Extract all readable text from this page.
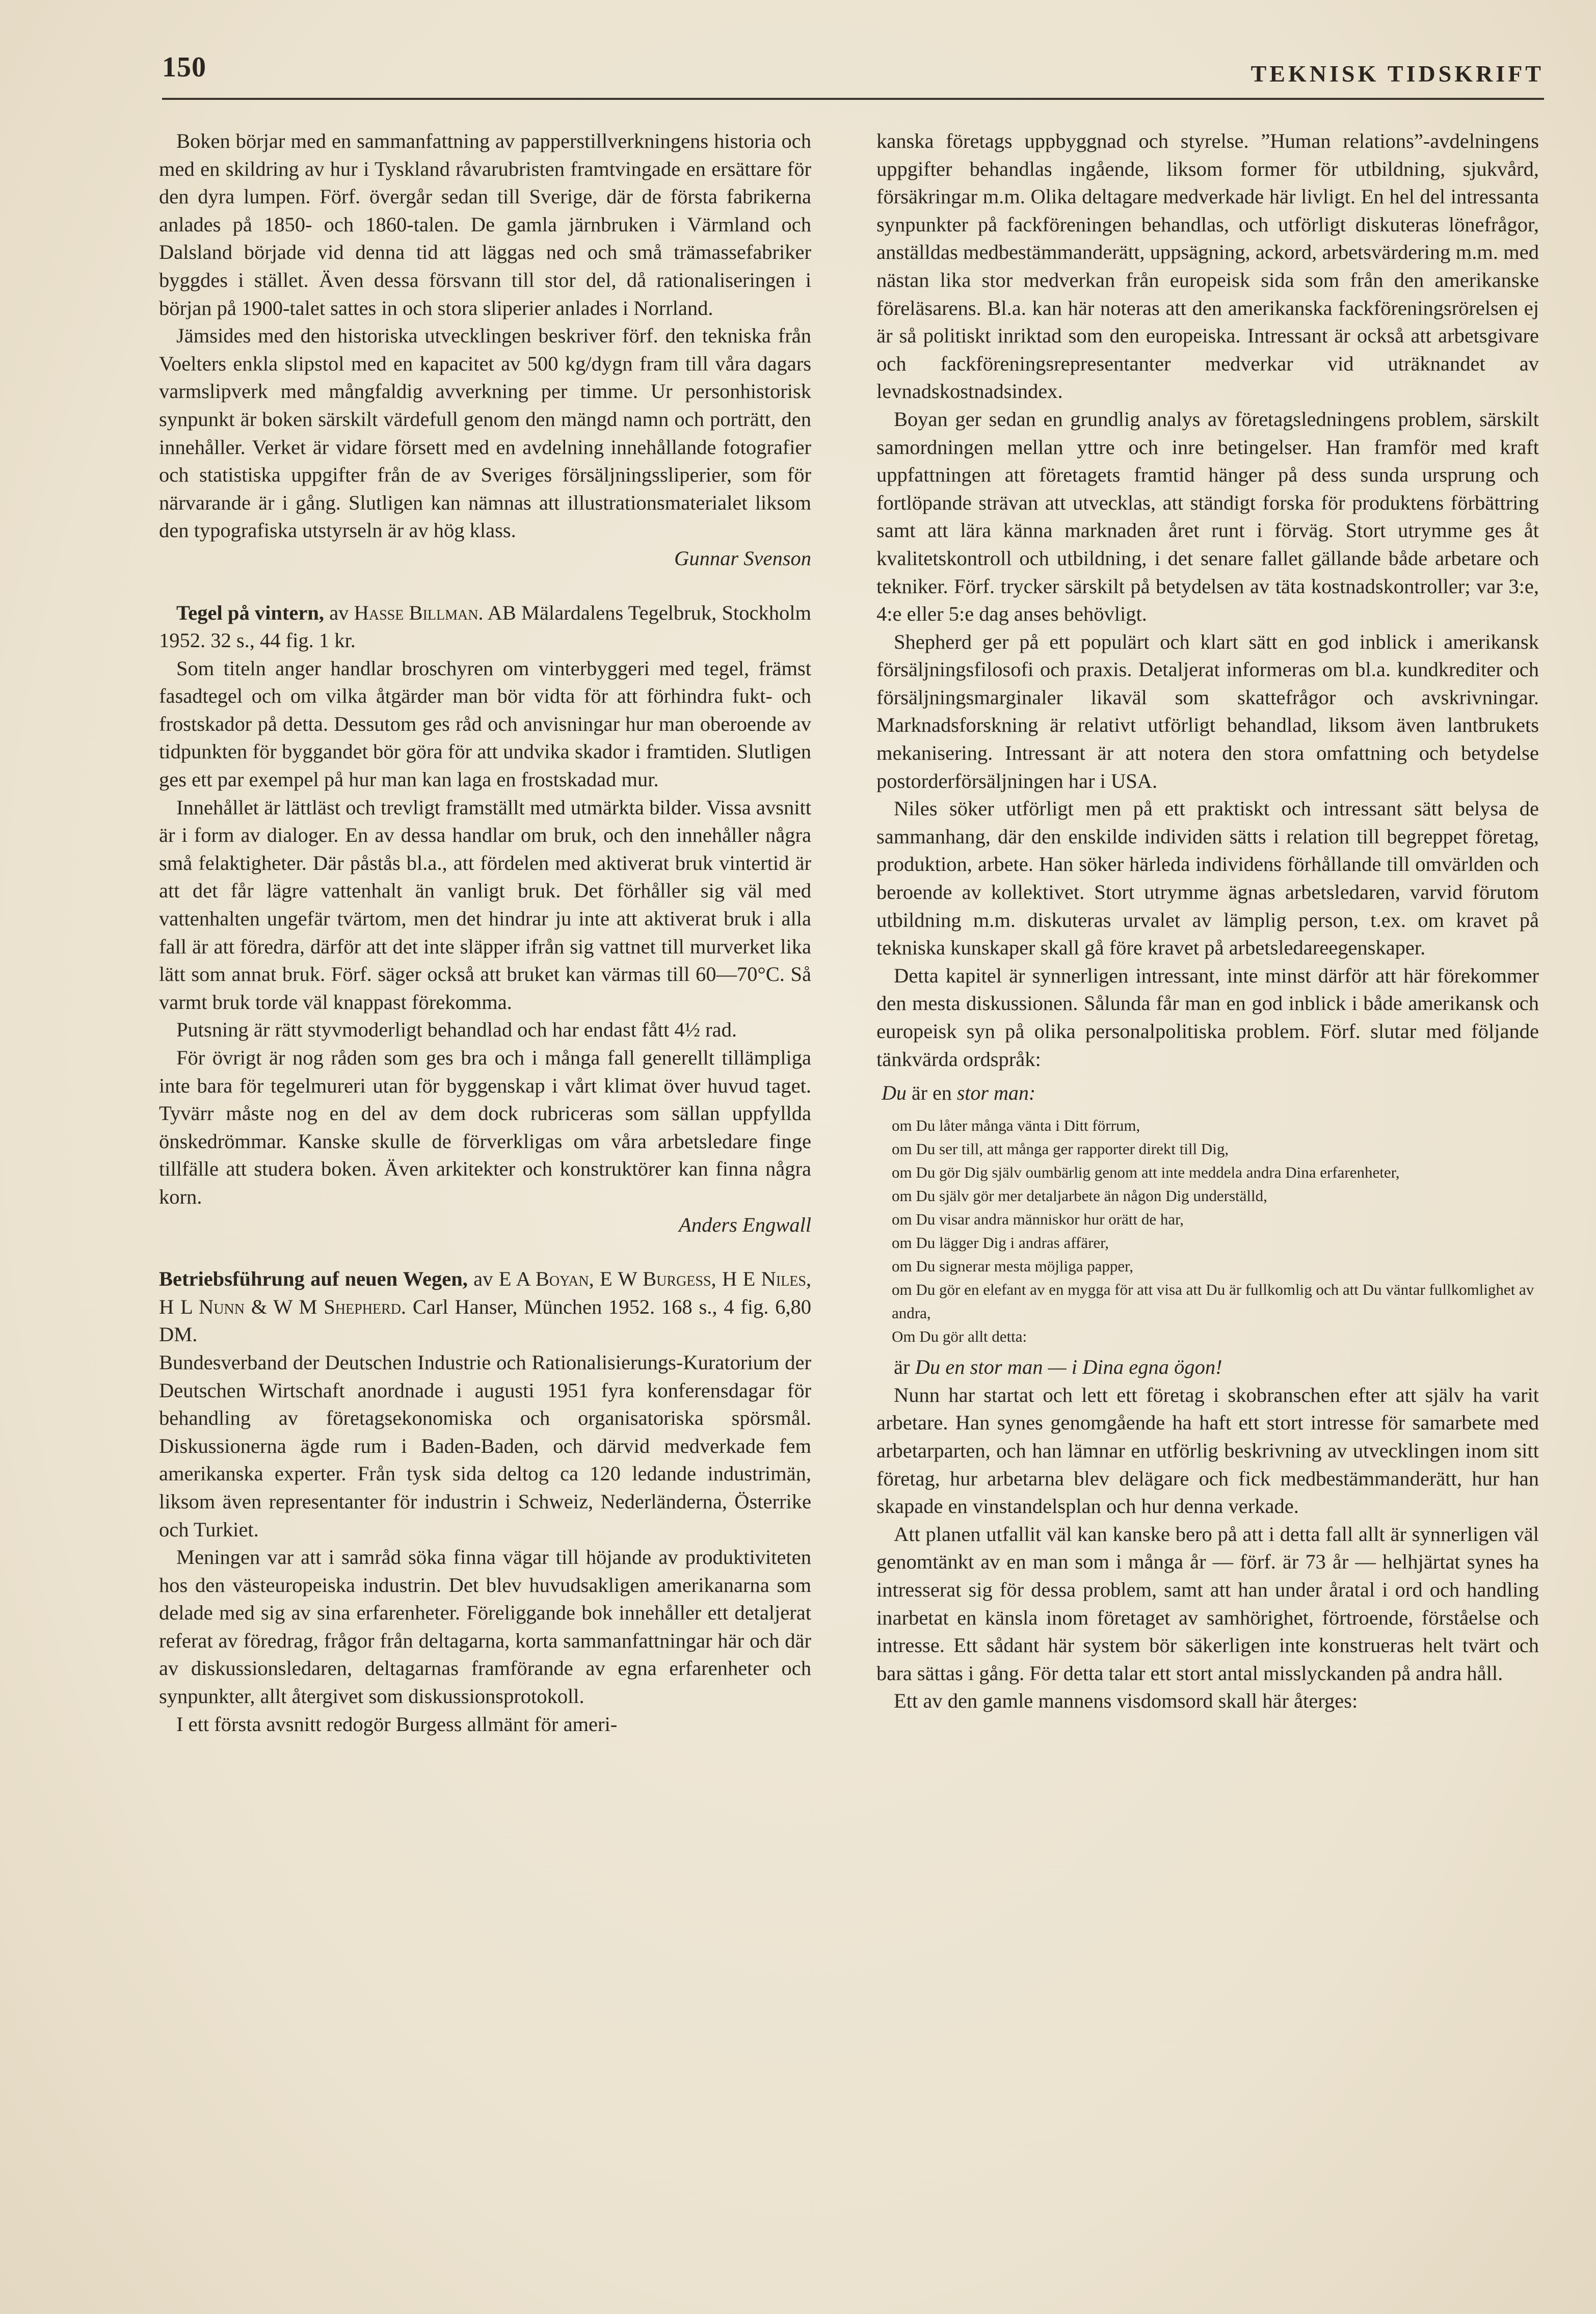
150	TEKNISK TIDSKRIFT

Boken börjar med en sammanfattning av papperstillverkningens historia och med en skildring av hur i Tyskland råvarubristen framtvingade en ersättare för den dyra lumpen. Förf. övergår sedan till Sverige, där de första fabrikerna anlades på 1850- och 1860-talen. De gamla järnbruken i Värmland och Dalsland började vid denna tid att läggas ned och små trämassefabriker byggdes i stället. Även dessa försvann till stor del, då rationaliseringen i början på 1900-talet sattes in och stora sliperier anlades i Norrland.

Jämsides med den historiska utvecklingen beskriver förf. den tekniska från Voelters enkla slipstol med en kapacitet av 500 kg/dygn fram till våra dagars varmslipverk med mångfaldig avverkning per timme. Ur personhistorisk synpunkt är boken särskilt värdefull genom den mängd namn och porträtt, den innehåller. Verket är vidare försett med en avdelning innehållande fotografier och statistiska uppgifter från de av Sveriges försäljningssliperier, som för närvarande är i gång. Slutligen kan nämnas att illustrationsmaterialet liksom den typografiska utstyrseln är av hög klass.

Gunnar Svenson

Tegel på vintern, av Hasse Billman. AB Mälardalens Tegelbruk, Stockholm 1952. 32 s., 44 fig. 1 kr.

Som titeln anger handlar broschyren om vinterbyggeri med tegel, främst fasadtegel och om vilka åtgärder man bör vidta för att förhindra fukt- och frostskador på detta. Dessutom ges råd och anvisningar hur man oberoende av tidpunkten för byggandet bör göra för att undvika skador i framtiden. Slutligen ges ett par exempel på hur man kan laga en frostskadad mur.

Innehållet är lättläst och trevligt framställt med utmärkta bilder. Vissa avsnitt är i form av dialoger. En av dessa handlar om bruk, och den innehåller några små felaktigheter. Där påstås bl.a., att fördelen med aktiverat bruk vintertid är att det får lägre vattenhalt än vanligt bruk. Det förhåller sig väl med vattenhalten ungefär tvärtom, men det hindrar ju inte att aktiverat bruk i alla fall är att föredra, därför att det inte släpper ifrån sig vattnet till murverket lika lätt som annat bruk. Förf. säger också att bruket kan värmas till 60—70°C. Så varmt bruk torde väl knappast förekomma.

Putsning är rätt styvmoderligt behandlad och har endast fått 4½ rad.

För övrigt är nog råden som ges bra och i många fall generellt tillämpliga inte bara för tegelmureri utan för byggenskap i vårt klimat över huvud taget. Tyvärr måste nog en del av dem dock rubriceras som sällan uppfyllda önskedrömmar. Kanske skulle de förverkligas om våra arbetsledare finge tillfälle att studera boken. Även arkitekter och konstruktörer kan finna några korn.

Anders Engwall

Betriebsführung auf neuen Wegen, av E A Boyan, E W Burgess, H E Niles, H L Nunn & W M Shepherd. Carl Hanser, München 1952. 168 s., 4 fig. 6,80 DM.

Bundesverband der Deutschen Industrie och Rationalisierungs-Kuratorium der Deutschen Wirtschaft anordnade i augusti 1951 fyra konferensdagar för behandling av företagsekonomiska och organisatoriska spörsmål. Diskussionerna ägde rum i Baden-Baden, och därvid medverkade fem amerikanska experter. Från tysk sida deltog ca 120 ledande industrimän, liksom även representanter för industrin i Schweiz, Nederländerna, Österrike och Turkiet.

Meningen var att i samråd söka finna vägar till höjande av produktiviteten hos den västeuropeiska industrin. Det blev huvudsakligen amerikanarna som delade med sig av sina erfarenheter. Föreliggande bok innehåller ett detaljerat referat av föredrag, frågor från deltagarna, korta sammanfattningar här och där av diskussionsledaren, deltagarnas framförande av egna erfarenheter och synpunkter, allt återgivet som diskussionsprotokoll.

I ett första avsnitt redogör Burgess allmänt för ameri-

kanska företags uppbyggnad och styrelse. ”Human relations”-avdelningens uppgifter behandlas ingående, liksom former för utbildning, sjukvård, försäkringar m.m. Olika deltagare medverkade här livligt. En hel del intressanta synpunkter på fackföreningen behandlas, och utförligt diskuteras lönefrågor, anställdas medbestämmanderätt, uppsägning, ackord, arbetsvärdering m.m. med nästan lika stor medverkan från europeisk sida som från den amerikanske föreläsarens. Bl.a. kan här noteras att den amerikanska fackföreningsrörelsen ej är så politiskt inriktad som den europeiska. Intressant är också att arbetsgivare och fackföreningsrepresentanter medverkar vid uträknandet av levnadskostnadsindex.

Boyan ger sedan en grundlig analys av företagsledningens problem, särskilt samordningen mellan yttre och inre betingelser. Han framför med kraft uppfattningen att företagets framtid hänger på dess sunda ursprung och fortlöpande strävan att utvecklas, att ständigt forska för produktens förbättring samt att lära känna marknaden året runt i förväg. Stort utrymme ges åt kvalitetskontroll och utbildning, i det senare fallet gällande både arbetare och tekniker. Förf. trycker särskilt på betydelsen av täta kostnadskontroller; var 3:e, 4:e eller 5:e dag anses behövligt.

Shepherd ger på ett populärt och klart sätt en god inblick i amerikansk försäljningsfilosofi och praxis. Detaljerat informeras om bl.a. kundkrediter och försäljningsmarginaler likaväl som skattefrågor och avskrivningar. Marknadsforskning är relativt utförligt behandlad, liksom även lantbrukets mekanisering. Intressant är att notera den stora omfattning och betydelse postorderförsäljningen har i USA.

Niles söker utförligt men på ett praktiskt och intressant sätt belysa de sammanhang, där den enskilde individen sätts i relation till begreppet företag, produktion, arbete. Han söker härleda individens förhållande till omvärlden och beroende av kollektivet. Stort utrymme ägnas arbetsledaren, varvid förutom utbildning m.m. diskuteras urvalet av lämplig person, t.ex. om kravet på tekniska kunskaper skall gå före kravet på arbetsledareegenskaper.

Detta kapitel är synnerligen intressant, inte minst därför att här förekommer den mesta diskussionen. Sålunda får man en god inblick i både amerikansk och europeisk syn på olika personalpolitiska problem. Förf. slutar med följande tänkvärda ordspråk:

Du är en stor man:
om Du låter många vänta i Ditt förrum,
om Du ser till, att många ger rapporter direkt till Dig,
om Du gör Dig själv oumbärlig genom att inte meddela andra Dina erfarenheter,
om Du själv gör mer detaljarbete än någon Dig underställd,
om Du visar andra människor hur orätt de har,
om Du lägger Dig i andras affärer,
om Du signerar mesta möjliga papper,
om Du gör en elefant av en mygga för att visa att Du är fullkomlig och att Du väntar fullkomlighet av andra,
Om Du gör allt detta:

är Du en stor man — i Dina egna ögon!

Nunn har startat och lett ett företag i skobranschen efter att själv ha varit arbetare. Han synes genomgående ha haft ett stort intresse för samarbete med arbetarparten, och han lämnar en utförlig beskrivning av utvecklingen inom sitt företag, hur arbetarna blev delägare och fick medbestämmanderätt, hur han skapade en vinstandelsplan och hur denna verkade.

Att planen utfallit väl kan kanske bero på att i detta fall allt är synnerligen väl genomtänkt av en man som i många år — förf. är 73 år — helhjärtat synes ha intresserat sig för dessa problem, samt att han under åratal i ord och handling inarbetat en känsla inom företaget av samhörighet, förtroende, förståelse och intresse. Ett sådant här system bör säkerligen inte konstrueras helt tvärt och bara sättas i gång. För detta talar ett stort antal misslyckanden på andra håll.

Ett av den gamle mannens visdomsord skall här återges:
